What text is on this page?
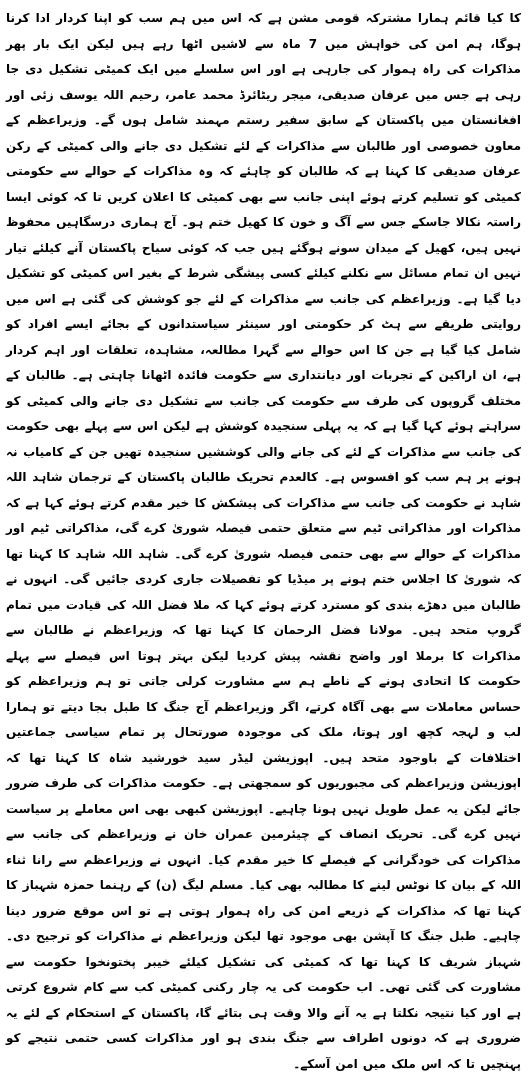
کا کیا قائم ہمارا مشترکہ قومی مشن ہے کہ اس میں ہم سب کو اپنا کردار ادا کرنا ہوگا، ہم امن کی خواہش میں 7 ماہ سے لاشیں اٹھا رہے ہیں لیکن ایک بار پھر مذاکرات کی راہ ہموار کی جارہی ہے اور اس سلسلے میں ایک کمیٹی تشکیل دی جا رہی ہے جس میں عرفان صدیقی، میجر ریٹائرڈ محمد عامر، رحیم اللہ یوسف زئی اور افغانستان میں پاکستان کے سابق سفیر رستم مہمند شامل ہوں گے۔ وزیراعظم کے معاون خصوصی اور طالبان سے مذاکرات کے لئے تشکیل دی جانے والی کمیٹی کے رکن عرفان صدیقی کا کہنا ہے کہ طالبان کو چاہئے کہ وہ مذاکرات کے حوالے سے حکومتی کمیٹی کو تسلیم کرتے ہوئے اپنی جانب سے بھی کمیٹی کا اعلان کریں تا کہ کوئی ایسا راستہ نکالا جاسکے جس سے آگ و خون کا کھیل ختم ہو۔ آج ہماری درسگاہیں محفوظ نہیں ہیں، کھیل کے میدان سونے ہوگئے ہیں جب کہ کوئی سیاح پاکستان آنے کیلئے تیار نہیں ان تمام مسائل سے نکلنے کیلئے کسی پیشگی شرط کے بغیر اس کمیٹی کو تشکیل دیا گیا ہے۔ وزیراعظم کی جانب سے مذاکرات کے لئے جو کوشش کی گئی ہے اس میں روایتی طریقے سے ہٹ کر حکومتی اور سینئر سیاستدانوں کے بجائے ایسے افراد کو شامل کیا گیا ہے جن کا اس حوالے سے گہرا مطالعہ، مشاہدہ، تعلقات اور اہم کردار ہے، ان اراکین کے تجربات اور دیانتداری سے حکومت فائدہ اٹھانا چاہتی ہے۔ طالبان کے مختلف گروپوں کی طرف سے حکومت کی جانب سے تشکیل دی جانے والی کمیٹی کو سراہتے ہوئے کہا گیا ہے کہ یہ پہلی سنجیدہ کوشش ہے لیکن اس سے پہلے بھی حکومت کی جانب سے مذاکرات کے لئے کی جانے والی کوششیں سنجیدہ تھیں جن کے کامیاب نہ ہونے پر ہم سب کو افسوس ہے۔ کالعدم تحریک طالبان پاکستان کے ترجمان شاہد اللہ شاہد نے حکومت کی جانب سے مذاکرات کی پیشکش کا خیر مقدم کرتے ہوئے کہا ہے کہ مذاکرات اور مذاکراتی ٹیم سے متعلق حتمی فیصلہ شوریٰ کرے گی، مذاکراتی ٹیم اور مذاکرات کے حوالے سے بھی حتمی فیصلہ شوریٰ کرے گی۔ شاہد اللہ شاہد کا کہنا تھا کہ شوریٰ کا اجلاس ختم ہونے پر میڈیا کو تفصیلات جاری کردی جائیں گی۔ انہوں نے طالبان میں دھڑے بندی کو مسترد کرتے ہوئے کہا کہ ملا فضل اللہ کی قیادت میں تمام گروپ متحد ہیں۔ مولانا فضل الرحمان کا کہنا تھا کہ وزیراعظم نے طالبان سے مذاکرات کا برملا اور واضح نقشہ پیش کردیا لیکن بہتر ہوتا اس فیصلے سے پہلے حکومت کا اتحادی ہونے کے ناطے ہم سے مشاورت کرلی جاتی تو ہم وزیراعظم کو حساس معاملات سے بھی آگاہ کرتے، اگر وزیراعظم آج جنگ کا طبل بجا دیتے تو ہمارا لب و لہجہ کچھ اور ہوتا، ملک کی موجودہ صورتحال پر تمام سیاسی جماعتیں اختلافات کے باوجود متحد ہیں۔ اپوزیشن لیڈر سید خورشید شاہ کا کہنا تھا کہ اپوزیشن وزیراعظم کی مجبوریوں کو سمجھتی ہے۔ حکومت مذاکرات کی طرف ضرور جائے لیکن یہ عمل طویل نہیں ہونا چاہیے۔ اپوزیشن کبھی بھی اس معاملے پر سیاست نہیں کرے گی۔ تحریک انصاف کے چیئرمین عمران خان نے وزیراعظم کی جانب سے مذاکرات کی خودگرانی کے فیصلے کا خیر مقدم کیا۔ انہوں نے وزیراعظم سے رانا ثناء اللہ کے بیان کا نوٹس لینے کا مطالبہ بھی کیا۔ مسلم لیگ (ن) کے رہنما حمزہ شہباز کا کہنا تھا کہ مذاکرات کے ذریعے امن کی راہ ہموار ہوتی ہے تو اس موقع ضرور دینا چاہیے۔ طبل جنگ کا آپشن بھی موجود تھا لیکن وزیراعظم نے مذاکرات کو ترجیح دی۔ شہباز شریف کا کہنا تھا کہ کمیٹی کی تشکیل کیلئے خیبر پختونخوا حکومت سے مشاورت کی گئی تھی۔ اب حکومت کی یہ چار رکنی کمیٹی کب سے کام شروع کرتی ہے اور کیا نتیجہ نکلتا ہے یہ آنے والا وقت ہی بتائے گا، پاکستان کے استحکام کے لئے یہ ضروری ہے کہ دونوں اطراف سے جنگ بندی ہو اور مذاکرات کسی حتمی نتیجے کو پہنچیں تا کہ اس ملک میں امن آسکے۔
